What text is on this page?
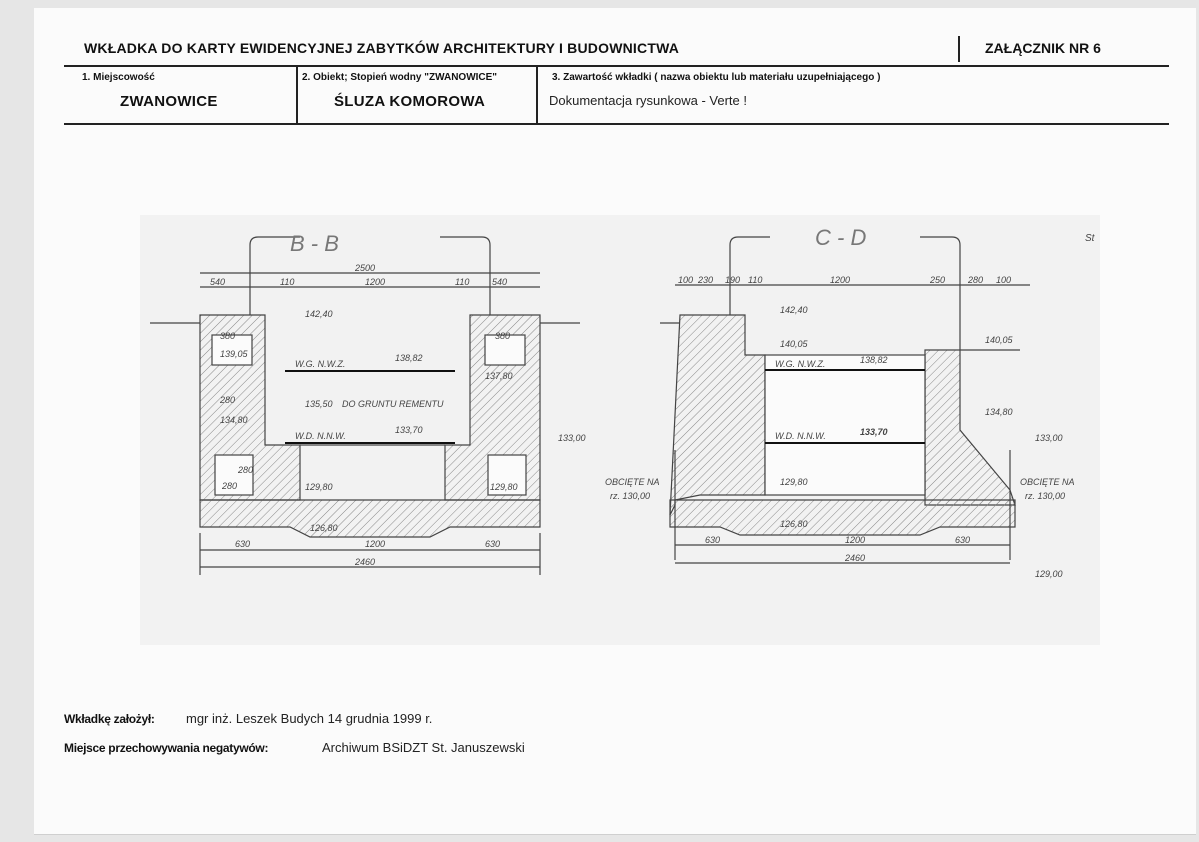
WKŁADKA DO KARTY EWIDENCYJNEJ ZABYTKÓW ARCHITEKTURY I BUDOWNICTWA	ZAŁĄCZNIK NR 6
1. Miejscowość
ZWANOWICE
2. Obiekt; Stopień wodny "ZWANOWICE"
ŚLUZA KOMOROWA
3. Zawartość wkładki ( nazwa obiektu lub materiału uzupełniającego )
Dokumentacja rysunkowa - Verte !
B - B
2500
540	110	1200	110	540
142,40
139,05
137,80
135,50
134,80
133,70
133,00
129,80	129,80
126,80
W.G. N.W.Z.
W.D. N.N.W.
138,82
DO GRUNTU REMENTU
380	380
280
280
280
630	1200	630
2460
C - D	St
100 230 190 110	1200	250	280 100
142,40
140,05	140,05
138,82
134,80
133,70
133,00
129,80
126,80
129,00
W.G. N.W.Z.
W.D. N.N.W.
OBCIĘTE NA
rz. 130,00
OBCIĘTE NA
rz. 130,00
630	1200	630
2460
Wkładkę założył: mgr inż. Leszek Budych 14 grudnia 1999 r.
Miejsce przechowywania negatywów:	Archiwum BSiDZT St. Januszewski
